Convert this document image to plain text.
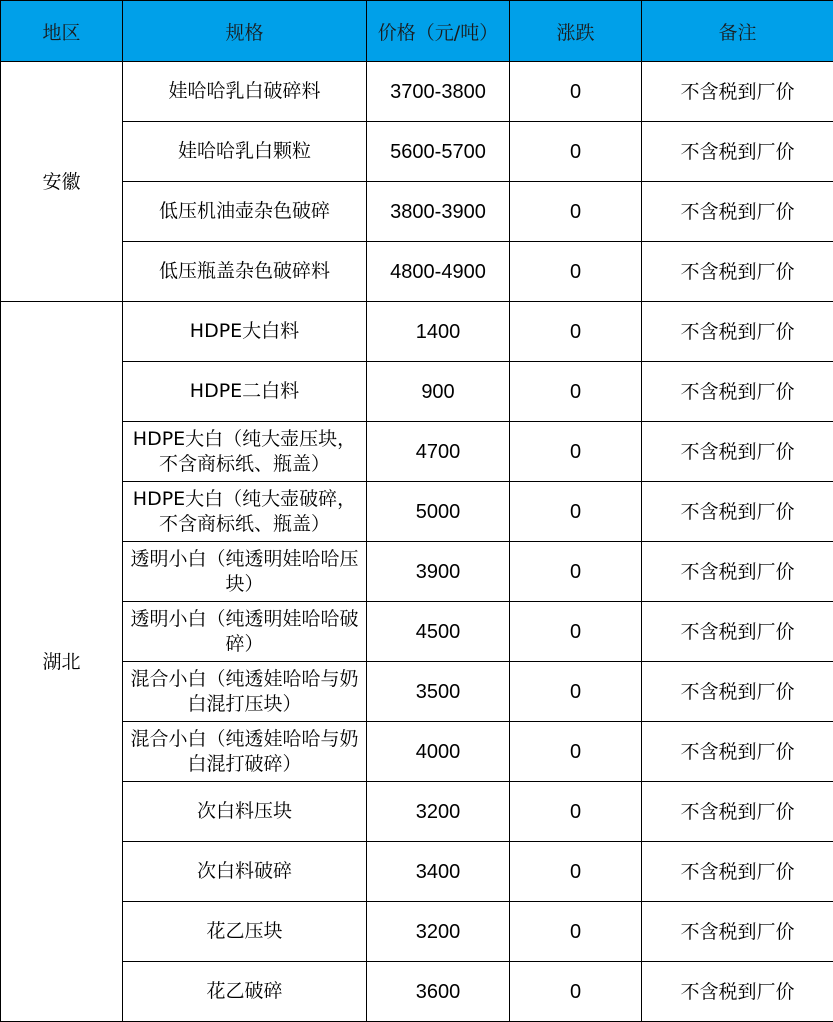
地区	规格	价格（元/吨）	涨跌	备注
安徽	娃哈哈乳白破碎料	3700-3800	0	不含税到厂价
	娃哈哈乳白颗粒	5600-5700	0	不含税到厂价
	低压机油壶杂色破碎	3800-3900	0	不含税到厂价
	低压瓶盖杂色破碎料	4800-4900	0	不含税到厂价
湖北	HDPE大白料	1400	0	不含税到厂价
	HDPE二白料	900	0	不含税到厂价
	HDPE大白（纯大壶压块，不含商标纸、瓶盖）	4700	0	不含税到厂价
	HDPE大白（纯大壶破碎，不含商标纸、瓶盖）	5000	0	不含税到厂价
	透明小白（纯透明娃哈哈压块）	3900	0	不含税到厂价
	透明小白（纯透明娃哈哈破碎）	4500	0	不含税到厂价
	混合小白（纯透娃哈哈与奶白混打压块）	3500	0	不含税到厂价
	混合小白（纯透娃哈哈与奶白混打破碎）	4000	0	不含税到厂价
	次白料压块	3200	0	不含税到厂价
	次白料破碎	3400	0	不含税到厂价
	花乙压块	3200	0	不含税到厂价
	花乙破碎	3600	0	不含税到厂价
